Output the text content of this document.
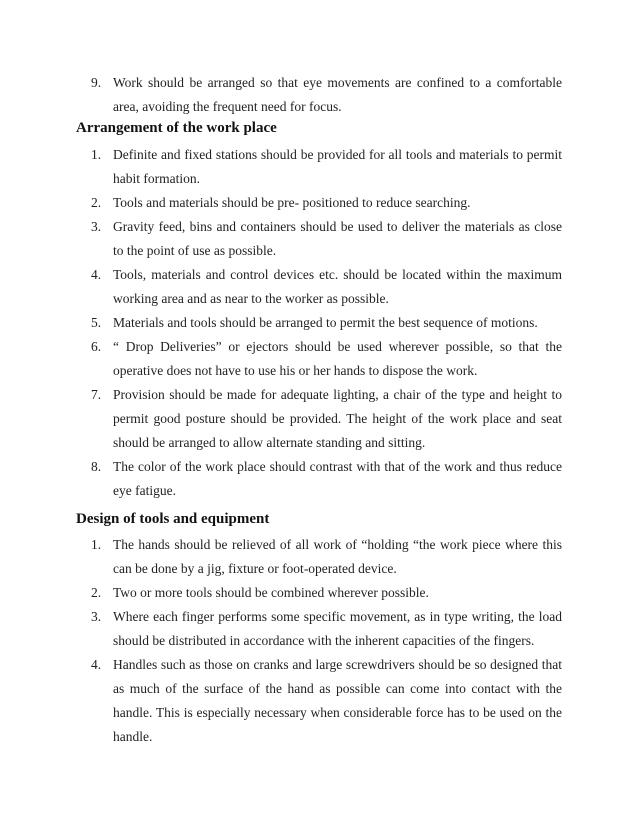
9. Work should be arranged so that eye movements are confined to a comfortable area, avoiding the frequent need for focus.
Arrangement of the work place
1. Definite and fixed stations should be provided for all tools and materials to permit habit formation.
2. Tools and materials should be pre- positioned to reduce searching.
3. Gravity feed, bins and containers should be used to deliver the materials as close to the point of use as possible.
4. Tools, materials and control devices etc. should be located within the maximum working area and as near to the worker as possible.
5. Materials and tools should be arranged to permit the best sequence of motions.
6. “ Drop Deliveries” or ejectors should be used wherever possible, so that the operative does not have to use his or her hands to dispose the work.
7. Provision should be made for adequate lighting, a chair of the type and height to permit good posture should be provided. The height of the work place and seat should be arranged to allow alternate standing and sitting.
8. The color of the work place should contrast with that of the work and thus reduce eye fatigue.
Design of tools and equipment
1. The hands should be relieved of all work of “holding “the work piece where this can be done by a jig, fixture or foot-operated device.
2. Two or more tools should be combined wherever possible.
3. Where each finger performs some specific movement, as in type writing, the load should be distributed in accordance with the inherent capacities of the fingers.
4. Handles such as those on cranks and large screwdrivers should be so designed that as much of the surface of the hand as possible can come into contact with the handle. This is especially necessary when considerable force has to be used on the handle.
